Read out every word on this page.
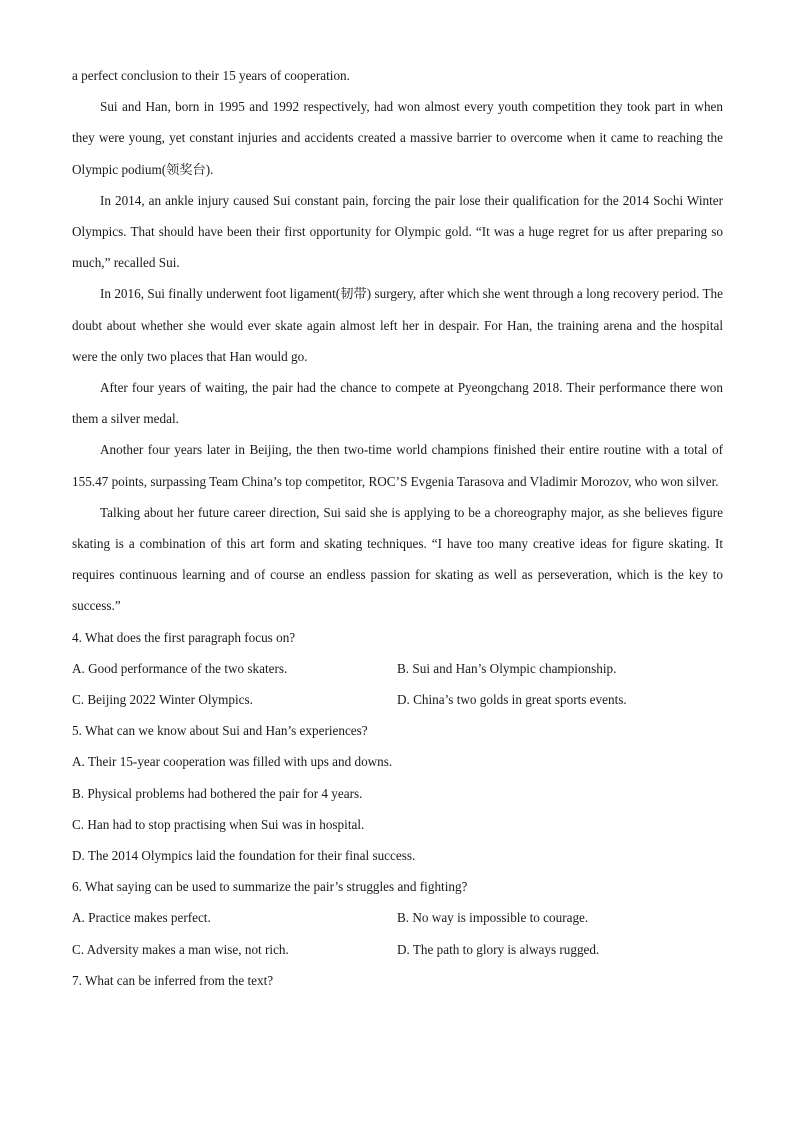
a perfect conclusion to their 15 years of cooperation.

Sui and Han, born in 1995 and 1992 respectively, had won almost every youth competition they took part in when they were young, yet constant injuries and accidents created a massive barrier to overcome when it came to reaching the Olympic podium(领奖台).

In 2014, an ankle injury caused Sui constant pain, forcing the pair lose their qualification for the 2014 Sochi Winter Olympics. That should have been their first opportunity for Olympic gold. “It was a huge regret for us after preparing so much,” recalled Sui.

In 2016, Sui finally underwent foot ligament(韧带) surgery, after which she went through a long recovery period. The doubt about whether she would ever skate again almost left her in despair. For Han, the training arena and the hospital were the only two places that Han would go.

After four years of waiting, the pair had the chance to compete at Pyeongchang 2018. Their performance there won them a silver medal.

Another four years later in Beijing, the then two-time world champions finished their entire routine with a total of 155.47 points, surpassing Team China’s top competitor, ROC’S Evgenia Tarasova and Vladimir Morozov, who won silver.

Talking about her future career direction, Sui said she is applying to be a choreography major, as she believes figure skating is a combination of this art form and skating techniques. “I have too many creative ideas for figure skating. It requires continuous learning and of course an endless passion for skating as well as perseveration, which is the key to success.”

4. What does the first paragraph focus on?

A. Good performance of the two skaters.	B. Sui and Han’s Olympic championship.
C. Beijing 2022 Winter Olympics.	D. China’s two golds in great sports events.

5. What can we know about Sui and Han’s experiences?

A. Their 15-year cooperation was filled with ups and downs.
B. Physical problems had bothered the pair for 4 years.
C. Han had to stop practising when Sui was in hospital.
D. The 2014 Olympics laid the foundation for their final success.

6. What saying can be used to summarize the pair’s struggles and fighting?

A. Practice makes perfect.	B. No way is impossible to courage.
C. Adversity makes a man wise, not rich.	D. The path to glory is always rugged.

7. What can be inferred from the text?
